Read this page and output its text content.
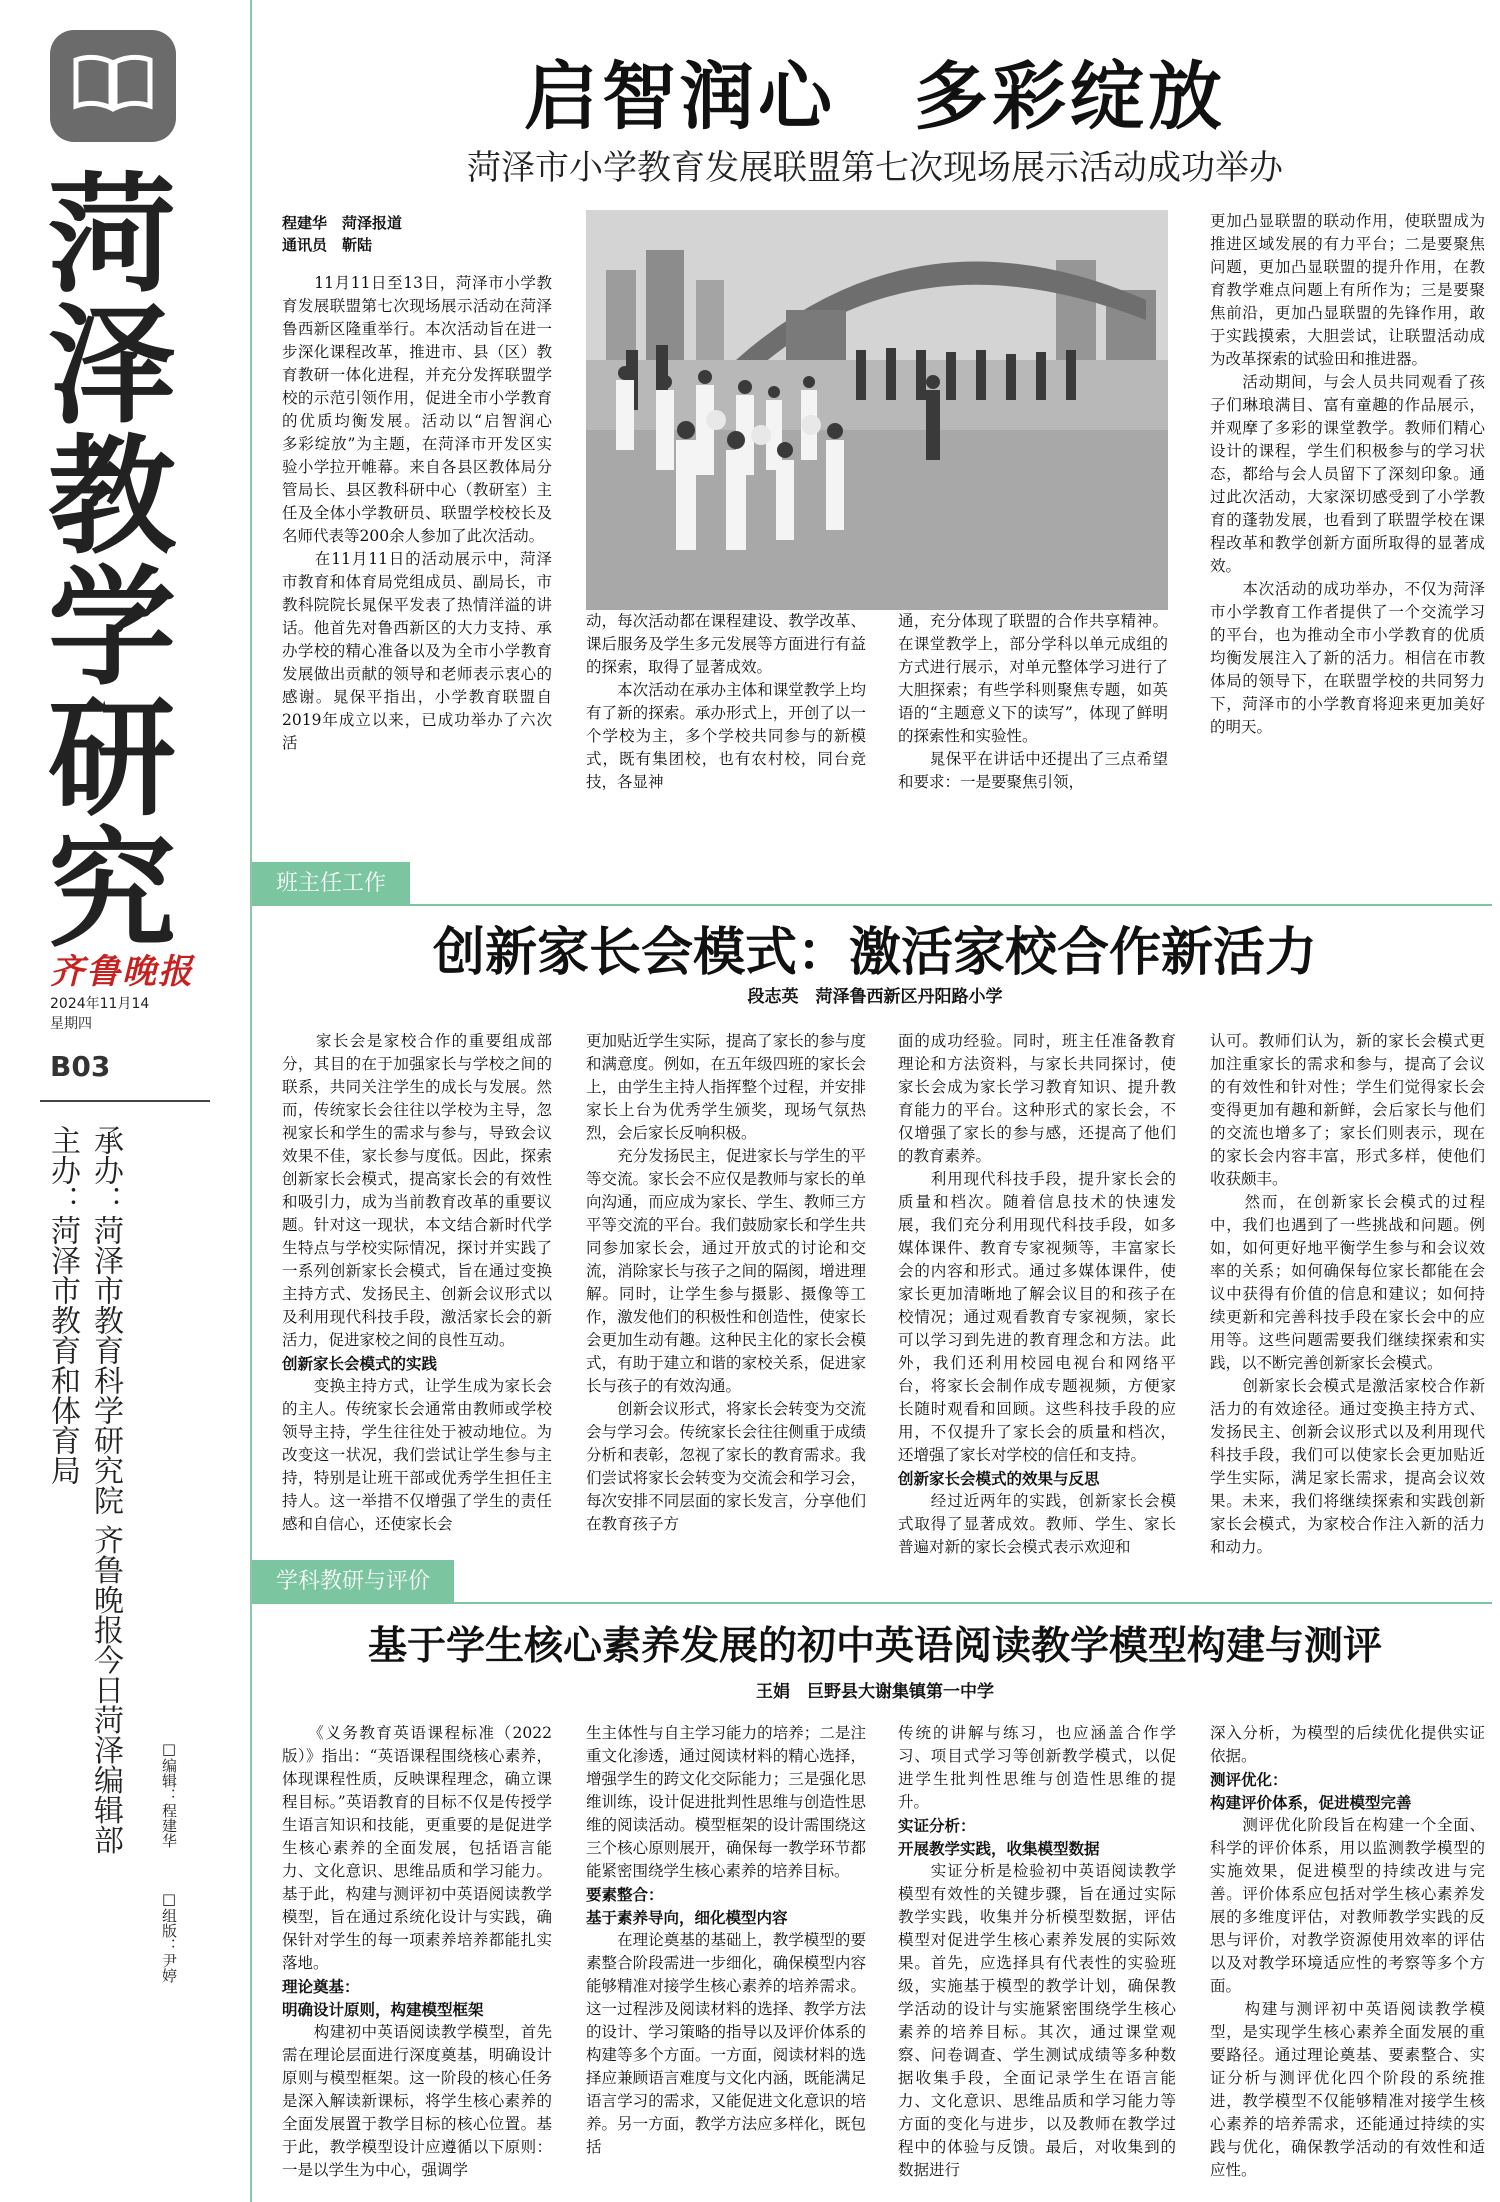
菏
泽
教
学
研
究
齐鲁晚报
2024年11月14
星期四
B03
主办：菏泽市教育和体育局 承办：菏泽市教育科学研究院 齐鲁晚报今日菏泽编辑部 □编辑：程建华
□组版：尹婷
启智润心　多彩绽放
菏泽市小学教育发展联盟第七次现场展示活动成功举办
程建华　菏泽报道
通讯员　靳陆
　　11月11日至13日，菏泽市小学教育发展联盟第七次现场展示活动在菏泽鲁西新区隆重举行。本次活动旨在进一步深化课程改革，推进市、县（区）教育教研一体化进程，并充分发挥联盟学校的示范引领作用，促进全市小学教育的优质均衡发展。活动以“启智润心　多彩绽放”为主题，在菏泽市开发区实验小学拉开帷幕。来自各县区教体局分管局长、县区教科研中心（教研室）主任及全体小学教研员、联盟学校校长及名师代表等200余人参加了此次活动。
　　在11月11日的活动展示中，菏泽市教育和体育局党组成员、副局长，市教科院院长晁保平发表了热情洋溢的讲话。他首先对鲁西新区的大力支持、承办学校的精心准备以及为全市小学教育发展做出贡献的领导和老师表示衷心的感谢。晁保平指出，小学教育联盟自2019年成立以来，已成功举办了六次活
动，每次活动都在课程建设、教学改革、课后服务及学生多元发展等方面进行有益的探索，取得了显著成效。
　　本次活动在承办主体和课堂教学上均有了新的探索。承办形式上，开创了以一个学校为主，多个学校共同参与的新模式，既有集团校，也有农村校，同台竞技，各显神
通，充分体现了联盟的合作共享精神。在课堂教学上，部分学科以单元成组的方式进行展示，对单元整体学习进行了大胆探索；有些学科则聚焦专题，如英语的“主题意义下的读写”，体现了鲜明的探索性和实验性。
　　晁保平在讲话中还提出了三点希望和要求：一是要聚焦引领，
更加凸显联盟的联动作用，使联盟成为推进区域发展的有力平台；二是要聚焦问题，更加凸显联盟的提升作用，在教育教学难点问题上有所作为；三是要聚焦前沿，更加凸显联盟的先锋作用，敢于实践摸索，大胆尝试，让联盟活动成为改革探索的试验田和推进器。
　　活动期间，与会人员共同观看了孩子们琳琅满目、富有童趣的作品展示，并观摩了多彩的课堂教学。教师们精心设计的课程，学生们积极参与的学习状态，都给与会人员留下了深刻印象。通过此次活动，大家深切感受到了小学教育的蓬勃发展，也看到了联盟学校在课程改革和教学创新方面所取得的显著成效。
　　本次活动的成功举办，不仅为菏泽市小学教育工作者提供了一个交流学习的平台，也为推动全市小学教育的优质均衡发展注入了新的活力。相信在市教体局的领导下，在联盟学校的共同努力下，菏泽市的小学教育将迎来更加美好的明天。
班主任工作
创新家长会模式：激活家校合作新活力
段志英　菏泽鲁西新区丹阳路小学
　　家长会是家校合作的重要组成部分，其目的在于加强家长与学校之间的联系，共同关注学生的成长与发展。然而，传统家长会往往以学校为主导，忽视家长和学生的需求与参与，导致会议效果不佳，家长参与度低。因此，探索创新家长会模式，提高家长会的有效性和吸引力，成为当前教育改革的重要议题。针对这一现状，本文结合新时代学生特点与学校实际情况，探讨并实践了一系列创新家长会模式，旨在通过变换主持方式、发扬民主、创新会议形式以及利用现代科技手段，激活家长会的新活力，促进家校之间的良性互动。

创新家长会模式的实践
　　变换主持方式，让学生成为家长会的主人。传统家长会通常由教师或学校领导主持，学生往往处于被动地位。为改变这一状况，我们尝试让学生参与主持，特别是让班干部或优秀学生担任主持人。这一举措不仅增强了学生的责任感和自信心，还使家长会
更加贴近学生实际，提高了家长的参与度和满意度。例如，在五年级四班的家长会上，由学生主持人指挥整个过程，并安排家长上台为优秀学生颁奖，现场气氛热烈，会后家长反响积极。
　　充分发扬民主，促进家长与学生的平等交流。家长会不应仅是教师与家长的单向沟通，而应成为家长、学生、教师三方平等交流的平台。我们鼓励家长和学生共同参加家长会，通过开放式的讨论和交流，消除家长与孩子之间的隔阂，增进理解。同时，让学生参与摄影、摄像等工作，激发他们的积极性和创造性，使家长会更加生动有趣。这种民主化的家长会模式，有助于建立和谐的家校关系，促进家长与孩子的有效沟通。
　　创新会议形式，将家长会转变为交流会与学习会。传统家长会往往侧重于成绩分析和表彰，忽视了家长的教育需求。我们尝试将家长会转变为交流会和学习会，每次安排不同层面的家长发言，分享他们在教育孩子方
面的成功经验。同时，班主任准备教育理论和方法资料，与家长共同探讨，使家长会成为家长学习教育知识、提升教育能力的平台。这种形式的家长会，不仅增强了家长的参与感，还提高了他们的教育素养。
　　利用现代科技手段，提升家长会的质量和档次。随着信息技术的快速发展，我们充分利用现代科技手段，如多媒体课件、教育专家视频等，丰富家长会的内容和形式。通过多媒体课件，使家长更加清晰地了解会议目的和孩子在校情况；通过观看教育专家视频，家长可以学习到先进的教育理念和方法。此外，我们还利用校园电视台和网络平台，将家长会制作成专题视频，方便家长随时观看和回顾。这些科技手段的应用，不仅提升了家长会的质量和档次，还增强了家长对学校的信任和支持。

创新家长会模式的效果与反思
　　经过近两年的实践，创新家长会模式取得了显著成效。教师、学生、家长普遍对新的家长会模式表示欢迎和
认可。教师们认为，新的家长会模式更加注重家长的需求和参与，提高了会议的有效性和针对性；学生们觉得家长会变得更加有趣和新鲜，会后家长与他们的交流也增多了；家长们则表示，现在的家长会内容丰富，形式多样，使他们收获颇丰。
　　然而，在创新家长会模式的过程中，我们也遇到了一些挑战和问题。例如，如何更好地平衡学生参与和会议效率的关系；如何确保每位家长都能在会议中获得有价值的信息和建议；如何持续更新和完善科技手段在家长会中的应用等。这些问题需要我们继续探索和实践，以不断完善创新家长会模式。
　　创新家长会模式是激活家校合作新活力的有效途径。通过变换主持方式、发扬民主、创新会议形式以及利用现代科技手段，我们可以使家长会更加贴近学生实际，满足家长需求，提高会议效果。未来，我们将继续探索和实践创新家长会模式，为家校合作注入新的活力和动力。
学科教研与评价
基于学生核心素养发展的初中英语阅读教学模型构建与测评
王娟　巨野县大谢集镇第一中学
　　《义务教育英语课程标准（2022版）》指出：“英语课程围绕核心素养，体现课程性质，反映课程理念，确立课程目标。”英语教育的目标不仅是传授学生语言知识和技能，更重要的是促进学生核心素养的全面发展，包括语言能力、文化意识、思维品质和学习能力。基于此，构建与测评初中英语阅读教学模型，旨在通过系统化设计与实践，确保针对学生的每一项素养培养都能扎实落地。

理论奠基：
明确设计原则，构建模型框架
　　构建初中英语阅读教学模型，首先需在理论层面进行深度奠基，明确设计原则与模型框架。这一阶段的核心任务是深入解读新课标，将学生核心素养的全面发展置于教学目标的核心位置。基于此，教学模型设计应遵循以下原则：一是以学生为中心，强调学
生主体性与自主学习能力的培养；二是注重文化渗透，通过阅读材料的精心选择，增强学生的跨文化交际能力；三是强化思维训练，设计促进批判性思维与创造性思维的阅读活动。模型框架的设计需围绕这三个核心原则展开，确保每一教学环节都能紧密围绕学生核心素养的培养目标。

要素整合：
基于素养导向，细化模型内容
　　在理论奠基的基础上，教学模型的要素整合阶段需进一步细化，确保模型内容能够精准对接学生核心素养的培养需求。这一过程涉及阅读材料的选择、教学方法的设计、学习策略的指导以及评价体系的构建等多个方面。一方面，阅读材料的选择应兼顾语言难度与文化内涵，既能满足语言学习的需求，又能促进文化意识的培养。另一方面，教学方法应多样化，既包括
传统的讲解与练习，也应涵盖合作学习、项目式学习等创新教学模式，以促进学生批判性思维与创造性思维的提升。

实证分析：
开展教学实践，收集模型数据
　　实证分析是检验初中英语阅读教学模型有效性的关键步骤，旨在通过实际教学实践，收集并分析模型数据，评估模型对促进学生核心素养发展的实际效果。首先，应选择具有代表性的实验班级，实施基于模型的教学计划，确保教学活动的设计与实施紧密围绕学生核心素养的培养目标。其次，通过课堂观察、问卷调查、学生测试成绩等多种数据收集手段，全面记录学生在语言能力、文化意识、思维品质和学习能力等方面的变化与进步，以及教师在教学过程中的体验与反馈。最后，对收集到的数据进行
深入分析，为模型的后续优化提供实证依据。

测评优化：
构建评价体系，促进模型完善
　　测评优化阶段旨在构建一个全面、科学的评价体系，用以监测教学模型的实施效果，促进模型的持续改进与完善。评价体系应包括对学生核心素养发展的多维度评估，对教师教学实践的反思与评价，对教学资源使用效率的评估以及对教学环境适应性的考察等多个方面。
　　构建与测评初中英语阅读教学模型，是实现学生核心素养全面发展的重要路径。通过理论奠基、要素整合、实证分析与测评优化四个阶段的系统推进，教学模型不仅能够精准对接学生核心素养的培养需求，还能通过持续的实践与优化，确保教学活动的有效性和适应性。
